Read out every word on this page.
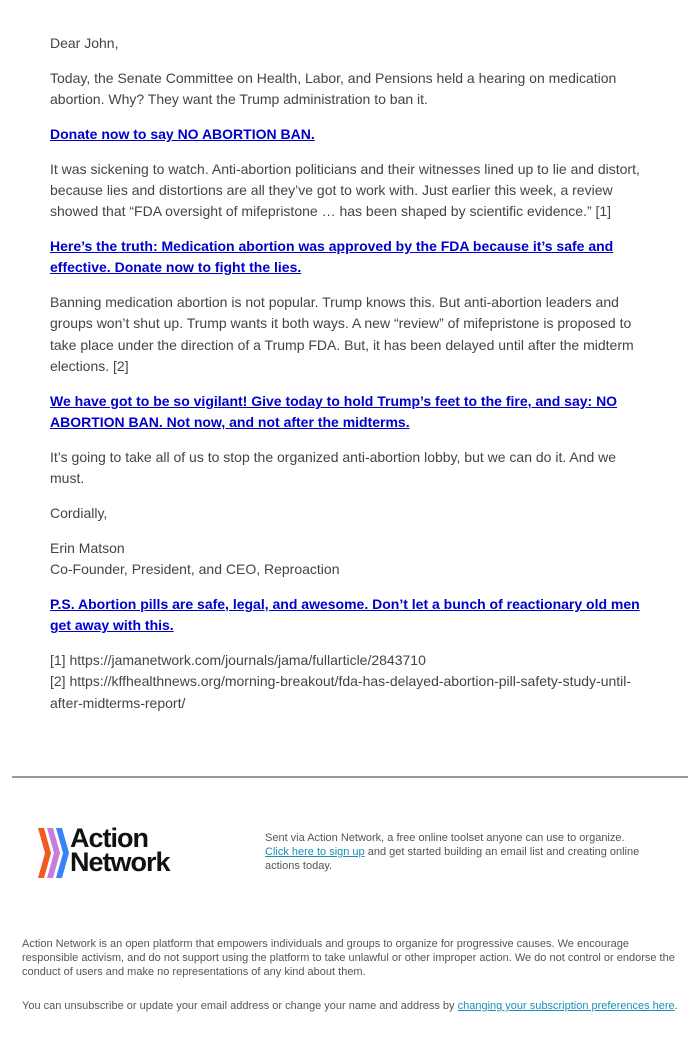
Dear John,

Today, the Senate Committee on Health, Labor, and Pensions held a hearing on medication abortion. Why? They want the Trump administration to ban it.

Donate now to say NO ABORTION BAN.

It was sickening to watch. Anti-abortion politicians and their witnesses lined up to lie and distort, because lies and distortions are all they’ve got to work with. Just earlier this week, a review showed that “FDA oversight of mifepristone … has been shaped by scientific evidence.” [1]

Here’s the truth: Medication abortion was approved by the FDA because it’s safe and effective. Donate now to fight the lies.

Banning medication abortion is not popular. Trump knows this. But anti-abortion leaders and groups won’t shut up. Trump wants it both ways. A new “review” of mifepristone is proposed to take place under the direction of a Trump FDA. But, it has been delayed until after the midterm elections. [2]

We have got to be so vigilant! Give today to hold Trump’s feet to the fire, and say: NO ABORTION BAN. Not now, and not after the midterms.

It’s going to take all of us to stop the organized anti-abortion lobby, but we can do it. And we must.

Cordially,

Erin Matson
Co-Founder, President, and CEO, Reproaction

P.S. Abortion pills are safe, legal, and awesome. Don’t let a bunch of reactionary old men get away with this.

[1] https://jamanetwork.com/journals/jama/fullarticle/2843710
[2] https://kffhealthnews.org/morning-breakout/fda-has-delayed-abortion-pill-safety-study-until-after-midterms-report/

Action
Network
Sent via Action Network, a free online toolset anyone can use to organize.
Click here to sign up and get started building an email list and creating online actions today.

Action Network is an open platform that empowers individuals and groups to organize for progressive causes. We encourage responsible activism, and do not support using the platform to take unlawful or other improper action. We do not control or endorse the conduct of users and make no representations of any kind about them.

You can unsubscribe or update your email address or change your name and address by changing your subscription preferences here.
